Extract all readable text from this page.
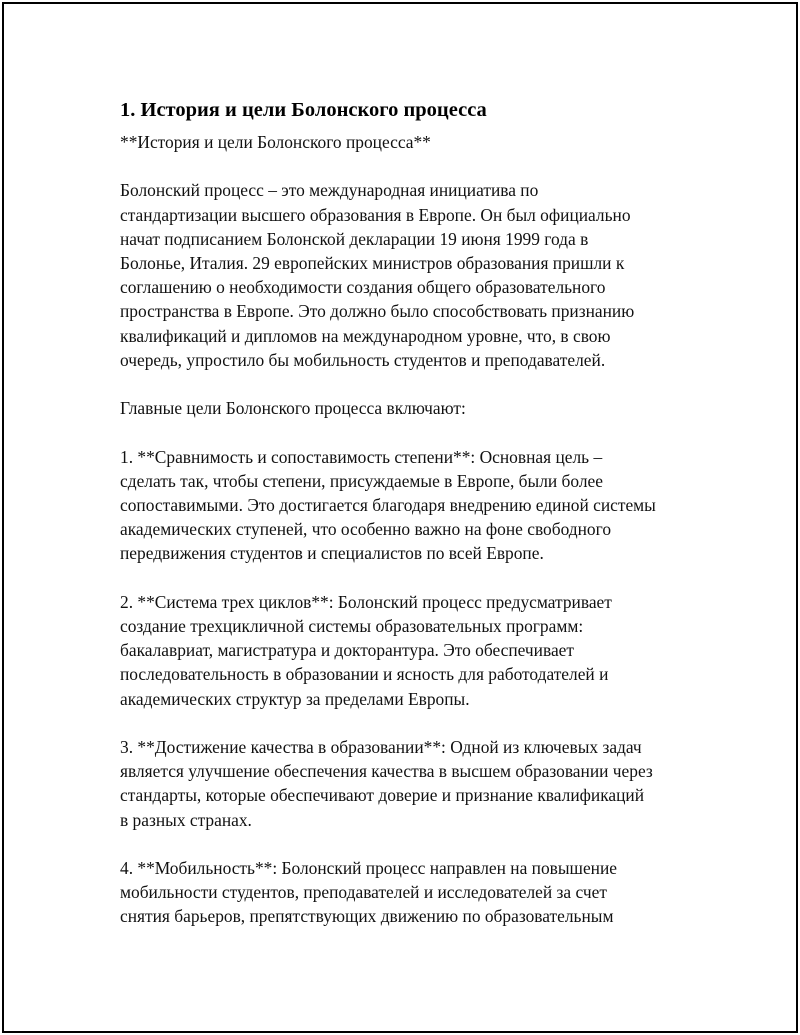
1. История и цели Болонского процесса
**История и цели Болонского процесса**
Болонский процесс – это международная инициатива по
стандартизации высшего образования в Европе. Он был официально
начат подписанием Болонской декларации 19 июня 1999 года в
Болонье, Италия. 29 европейских министров образования пришли к
соглашению о необходимости создания общего образовательного
пространства в Европе. Это должно было способствовать признанию
квалификаций и дипломов на международном уровне, что, в свою
очередь, упростило бы мобильность студентов и преподавателей.
Главные цели Болонского процесса включают:
1. **Сравнимость и сопоставимость степени**: Основная цель –
сделать так, чтобы степени, присуждаемые в Европе, были более
сопоставимыми. Это достигается благодаря внедрению единой системы
академических ступеней, что особенно важно на фоне свободного
передвижения студентов и специалистов по всей Европе.
2. **Система трех циклов**: Болонский процесс предусматривает
создание трехцикличной системы образовательных программ:
бакалавриат, магистратура и докторантура. Это обеспечивает
последовательность в образовании и ясность для работодателей и
академических структур за пределами Европы.
3. **Достижение качества в образовании**: Одной из ключевых задач
является улучшение обеспечения качества в высшем образовании через
стандарты, которые обеспечивают доверие и признание квалификаций
в разных странах.
4. **Мобильность**: Болонский процесс направлен на повышение
мобильности студентов, преподавателей и исследователей за счет
снятия барьеров, препятствующих движению по образовательным
